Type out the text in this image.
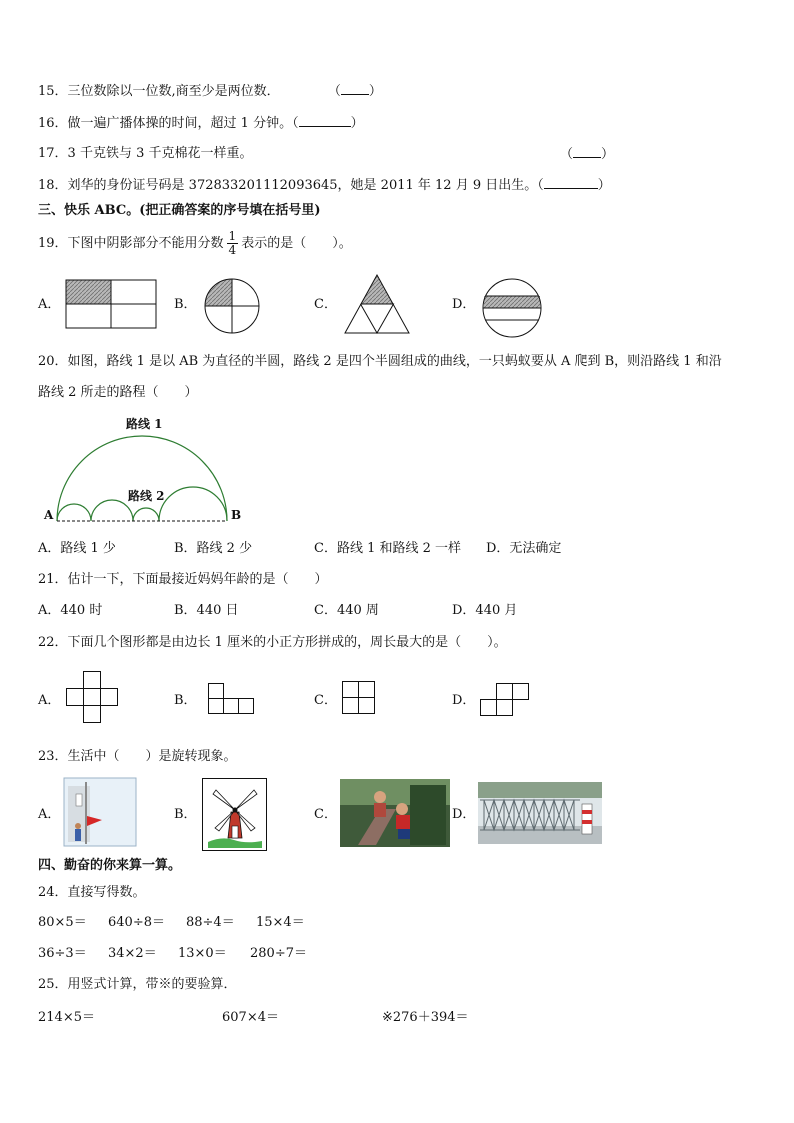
15．三位数除以一位数,商至少是两位数．	（ ）
16．做一遍广播体操的时间，超过 1 分钟。（	）
17．3 千克铁与 3 千克棉花一样重。	（ ）
18．刘华的身份证号码是 372833201112093645，她是 2011 年 12 月 9 日出生。（	）
三、快乐 ABC。(把正确答案的序号填在括号里)
19．下图中阴影部分不能用分数 $\frac{1}{4}$ 表示的是（　　）。
A．	B．	C．	D．
20．如图，路线 1 是以 AB 为直径的半圆，路线 2 是四个半圆组成的曲线，一只蚂蚁要从 A 爬到 B，则沿路线 1 和沿
路线 2 所走的路程（　　）
路线 1
路线 2
A	B
A．路线 1 少	B．路线 2 少	C．路线 1 和路线 2 一样 D．无法确定
21．估计一下，下面最接近妈妈年龄的是（　　）
A．440 时	B．440 日	C．440 周	D．440 月
22．下面几个图形都是由边长 1 厘米的小正方形拼成的，周长最大的是（　　）。
A．	B．	C．	D．
23．生活中（　　）是旋转现象。
A．	B．	C．	D．
四、勤奋的你来算一算。
24．直接写得数。
80×5＝ 640÷8＝ 88÷4＝ 15×4＝
36÷3＝ 34×2＝ 13×0＝ 280÷7＝
25．用竖式计算，带※的要验算．
214×5＝	607×4＝	※276＋394＝
